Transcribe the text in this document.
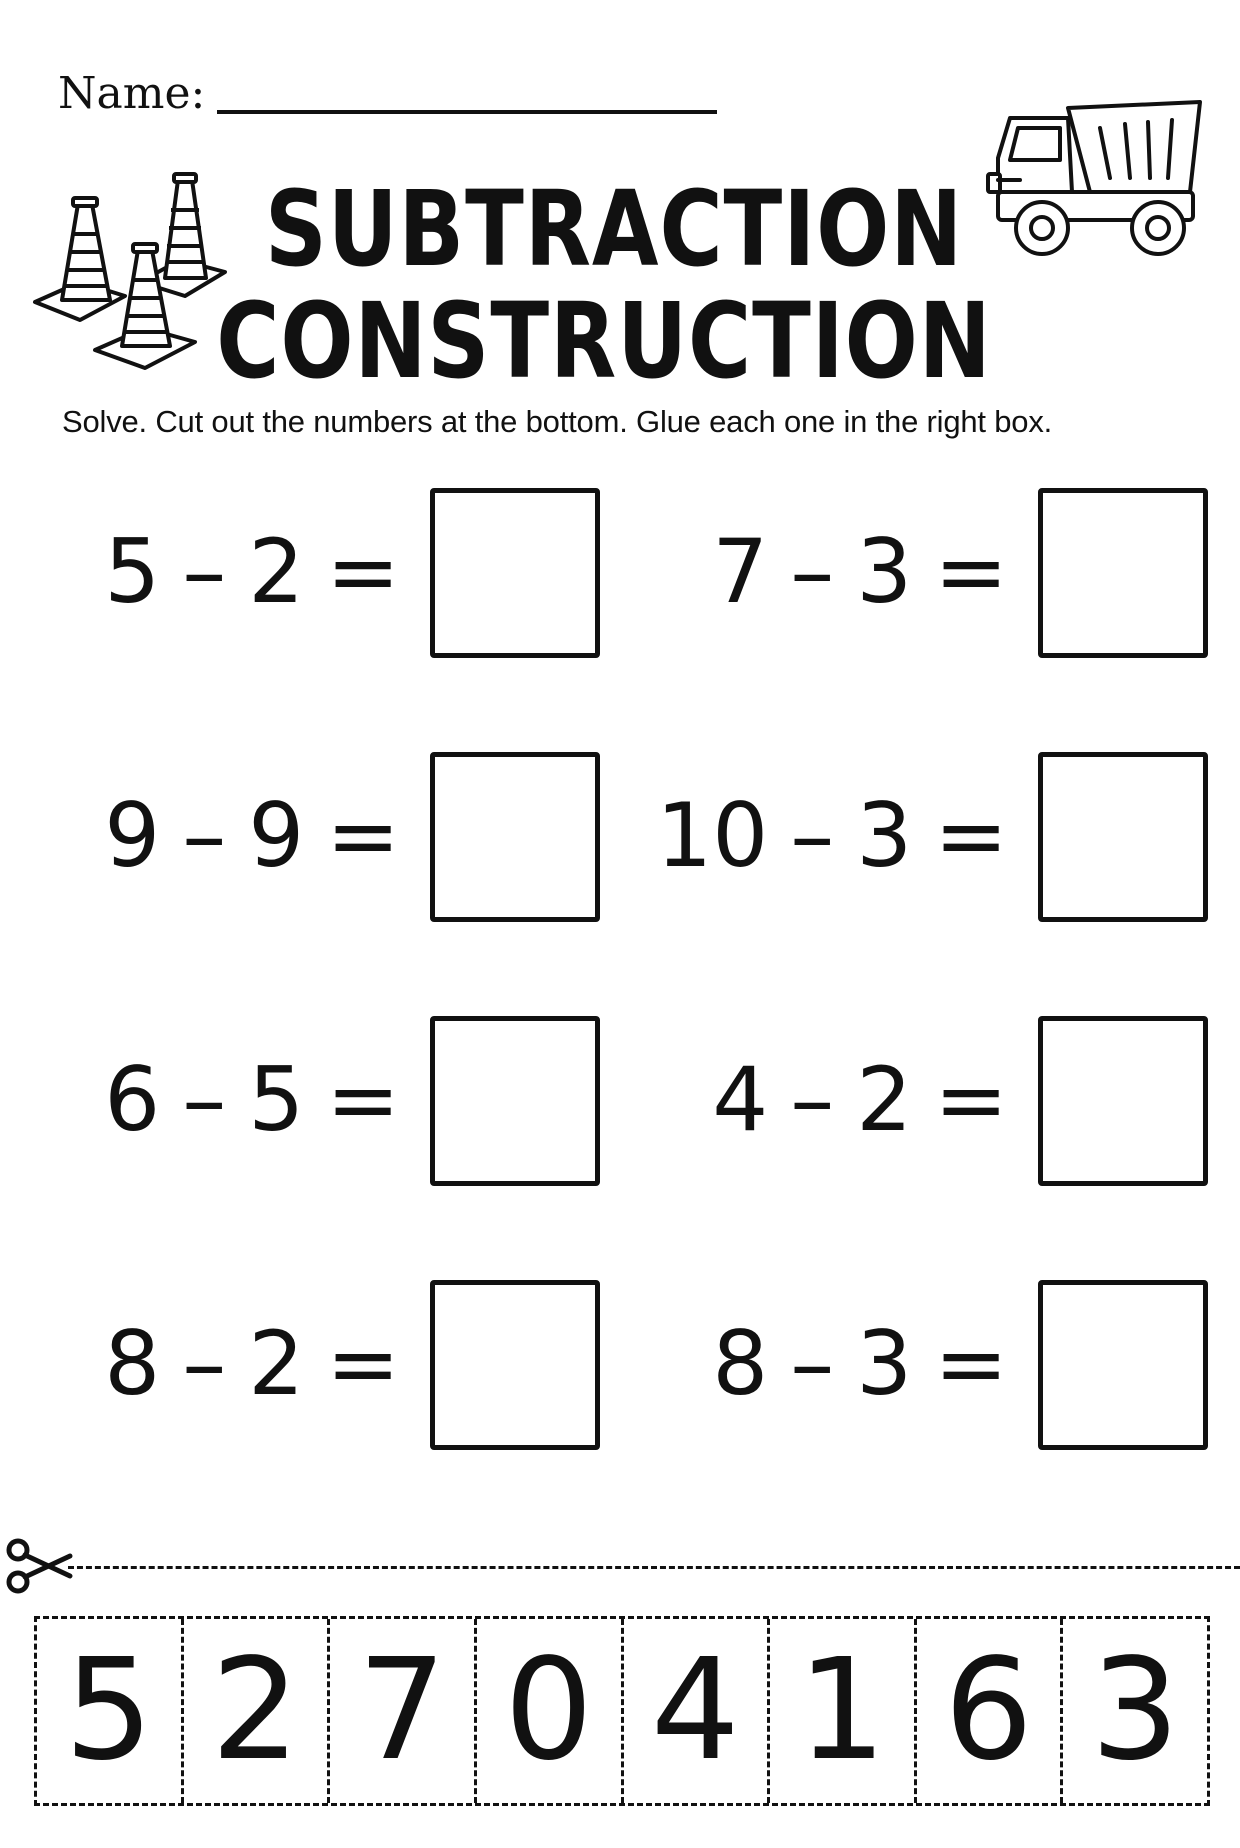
Name:
SUBTRACTION
CONSTRUCTION
Solve. Cut out the numbers at the bottom. Glue each one in the right box.
5 – 2 =	7 – 3 =
9 – 9 =	10 – 3 =
6 – 5 =	4 – 2 =
8 – 2 =	8 – 3 =
5 2 7 0 4 1 6 3
